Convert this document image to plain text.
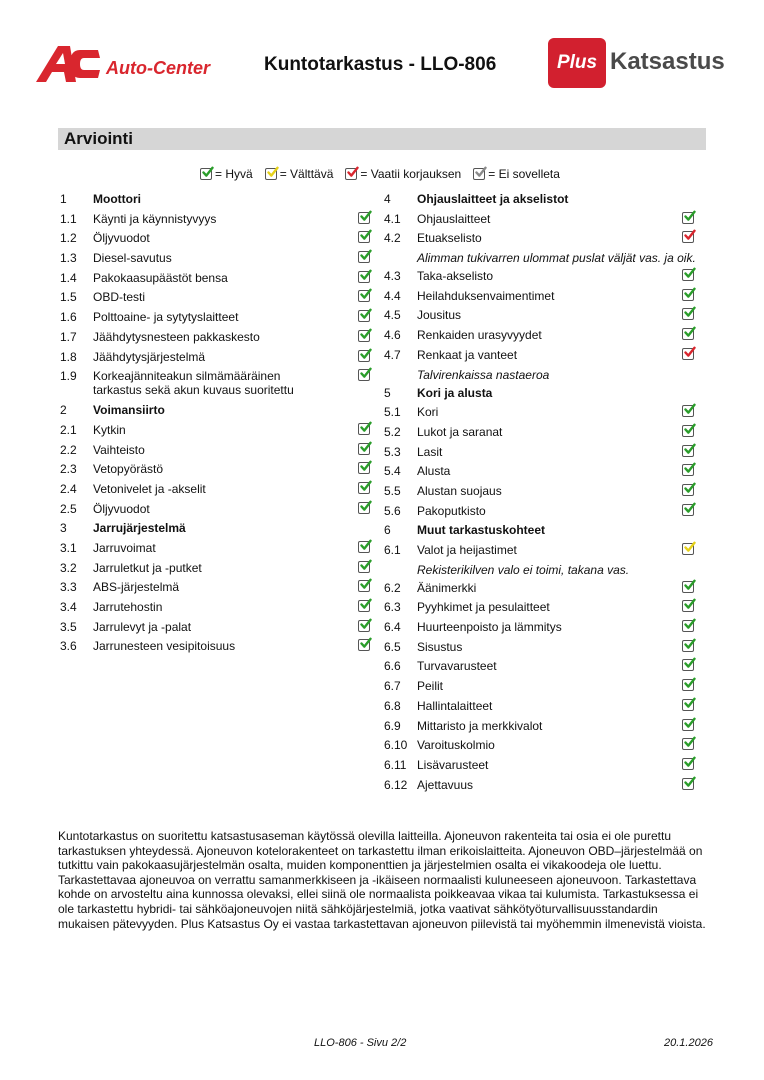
Auto-Center	Kuntotarkastus - LLO-806	Plus Katsastus
Arviointi
= Hyvä = Välttävä = Vaatii korjauksen = Ei sovelleta
1 Moottori
1.1 Käynti ja käynnistyvyys
1.2 Öljyvuodot
1.3 Diesel-savutus
1.4 Pakokaasupäästöt bensa
1.5 OBD-testi
1.6 Polttoaine- ja sytytyslaitteet
1.7 Jäähdytysnesteen pakkaskesto
1.8 Jäähdytysjärjestelmä
1.9 Korkeajänniteakun silmämääräinen tarkastus sekä akun kuvaus suoritettu
2 Voimansiirto
2.1 Kytkin
2.2 Vaihteisto
2.3 Vetopyörästö
2.4 Vetonivelet ja -akselit
2.5 Öljyvuodot
3 Jarrujärjestelmä
3.1 Jarruvoimat
3.2 Jarruletkut ja -putket
3.3 ABS-järjestelmä
3.4 Jarrutehostin
3.5 Jarrulevyt ja -palat
3.6 Jarrunesteen vesipitoisuus
4 Ohjauslaitteet ja akselistot
4.1 Ohjauslaitteet
4.2 Etuakselisto
Alimman tukivarren ulommat puslat väljät vas. ja oik.
4.3 Taka-akselisto
4.4 Heilahduksenvaimentimet
4.5 Jousitus
4.6 Renkaiden urasyvyydet
4.7 Renkaat ja vanteet
Talvirenkaissa nastaeroa
5 Kori ja alusta
5.1 Kori
5.2 Lukot ja saranat
5.3 Lasit
5.4 Alusta
5.5 Alustan suojaus
5.6 Pakoputkisto
6 Muut tarkastuskohteet
6.1 Valot ja heijastimet
Rekisterikilven valo ei toimi, takana vas.
6.2 Äänimerkki
6.3 Pyyhkimet ja pesulaitteet
6.4 Huurteenpoisto ja lämmitys
6.5 Sisustus
6.6 Turvavarusteet
6.7 Peilit
6.8 Hallintalaitteet
6.9 Mittaristo ja merkkivalot
6.10 Varoituskolmio
6.11 Lisävarusteet
6.12 Ajettavuus
Kuntotarkastus on suoritettu katsastusaseman käytössä olevilla laitteilla. Ajoneuvon rakenteita tai osia ei ole purettu tarkastuksen yhteydessä. Ajoneuvon kotelorakenteet on tarkastettu ilman erikoislaitteita. Ajoneuvon OBD–järjestelmää on tutkittu vain pakokaasujärjestelmän osalta, muiden komponenttien ja järjestelmien osalta ei vikakoodeja ole luettu. Tarkastettavaa ajoneuvoa on verrattu samanmerkkiseen ja -ikäiseen normaalisti kuluneeseen ajoneuvoon. Tarkastettava kohde on arvosteltu aina kunnossa olevaksi, ellei siinä ole normaalista poikkeavaa vikaa tai kulumista. Tarkastuksessa ei ole tarkastettu hybridi- tai sähköajoneuvojen niitä sähköjärjestelmiä, jotka vaativat sähkötyöturvallisuusstandardin mukaisen pätevyyden. Plus Katsastus Oy ei vastaa tarkastettavan ajoneuvon piilevistä tai myöhemmin ilmenevistä vioista.
LLO-806 - Sivu 2/2	20.1.2026
